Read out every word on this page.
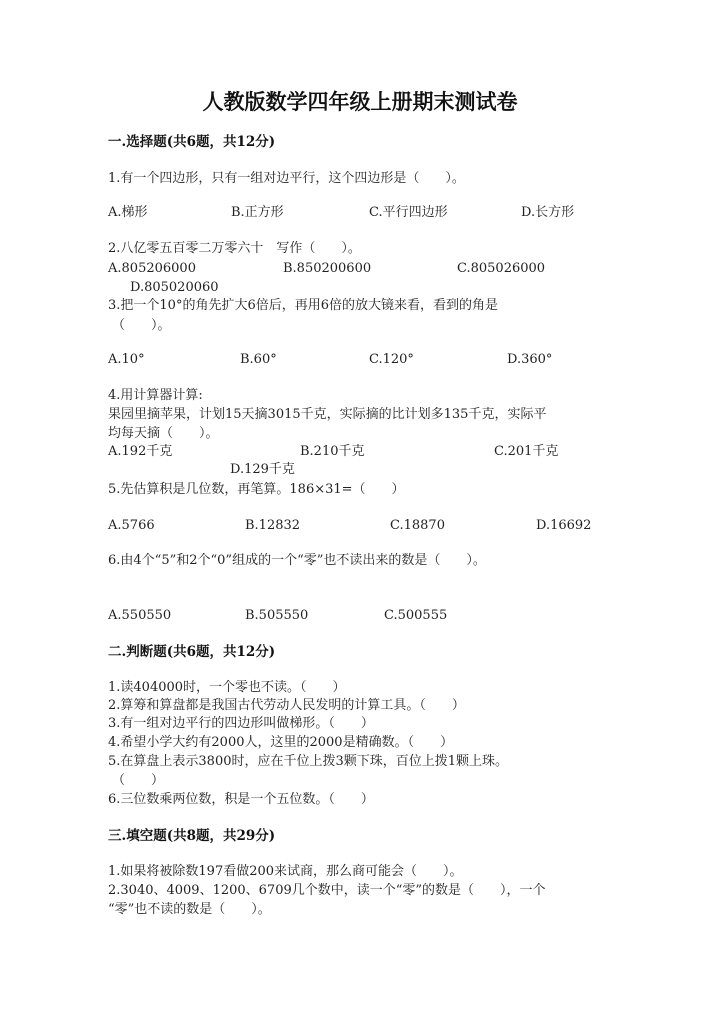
人教版数学四年级上册期末测试卷
一.选择题(共6题，共12分)
1.有一个四边形，只有一组对边平行，这个四边形是（　　）。
A.梯形	B.正方形	C.平行四边形	D.长方形
2.八亿零五百零二万零六十　写作（　　）。
A.805206000	B.850200600	C.805026000
D.805020060
3.把一个10°的角先扩大6倍后，再用6倍的放大镜来看，看到的角是
（　　）。
A.10°	B.60°	C.120°	D.360°
4.用计算器计算:
果园里摘苹果，计划15天摘3015千克，实际摘的比计划多135千克，实际平
均每天摘（　　）。
A.192千克	B.210千克	C.201千克
D.129千克
5.先估算积是几位数，再笔算。186×31=（　　）
A.5766	B.12832	C.18870	D.16692
6.由4个“5”和2个“0”组成的一个“零”也不读出来的数是（　　）。
A.550550	B.505550	C.500555
二.判断题(共6题，共12分)
1.读404000时，一个零也不读。（　　）
2.算筹和算盘都是我国古代劳动人民发明的计算工具。（　　）
3.有一组对边平行的四边形叫做梯形。（　　）
4.希望小学大约有2000人，这里的2000是精确数。（　　）
5.在算盘上表示3800时，应在千位上拨3颗下珠，百位上拨1颗上珠。
（　　）
6.三位数乘两位数，积是一个五位数。（　　）
三.填空题(共8题，共29分)
1.如果将被除数197看做200来试商，那么商可能会（　　）。
2.3040、4009、1200、6709几个数中，读一个“零”的数是（　　），一个
“零”也不读的数是（　　）。
